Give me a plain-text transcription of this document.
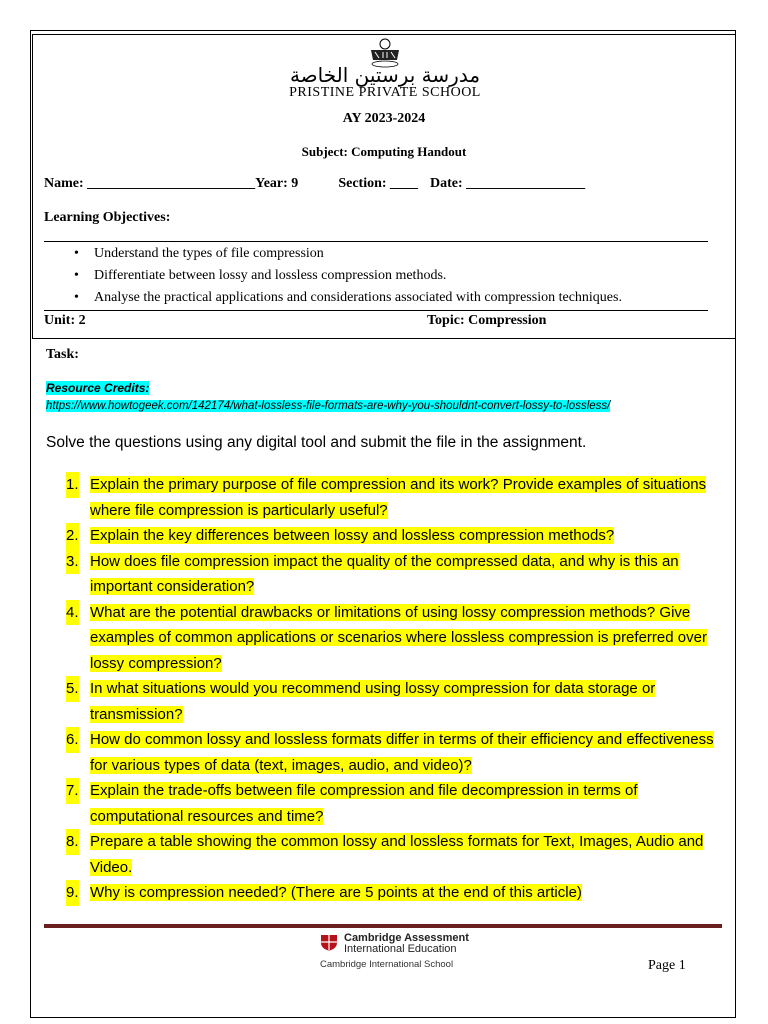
مدرسة برستين الخاصة
PRISTINE PRIVATE SCHOOL
AY 2023-2024
Subject: Computing Handout
Name: ________________________Year: 9	Section: ____ Date: _________________
Learning Objectives:
• Understand the types of file compression
• Differentiate between lossy and lossless compression methods.
• Analyse the practical applications and considerations associated with compression techniques.
Unit: 2	Topic: Compression
Task:
Resource Credits:
https://www.howtogeek.com/142174/what-lossless-file-formats-are-why-you-shouldnt-convert-lossy-to-lossless/
Solve the questions using any digital tool and submit the file in the assignment.
1. Explain the primary purpose of file compression and its work? Provide examples of situations where file compression is particularly useful?
2. Explain the key differences between lossy and lossless compression methods?
3. How does file compression impact the quality of the compressed data, and why is this an important consideration?
4. What are the potential drawbacks or limitations of using lossy compression methods? Give examples of common applications or scenarios where lossless compression is preferred over lossy compression?
5. In what situations would you recommend using lossy compression for data storage or transmission?
6. How do common lossy and lossless formats differ in terms of their efficiency and effectiveness for various types of data (text, images, audio, and video)?
7. Explain the trade-offs between file compression and file decompression in terms of computational resources and time?
8. Prepare a table showing the common lossy and lossless formats for Text, Images, Audio and Video.
9. Why is compression needed? (There are 5 points at the end of this article)
Cambridge Assessment
International Education
Cambridge International School	Page 1
